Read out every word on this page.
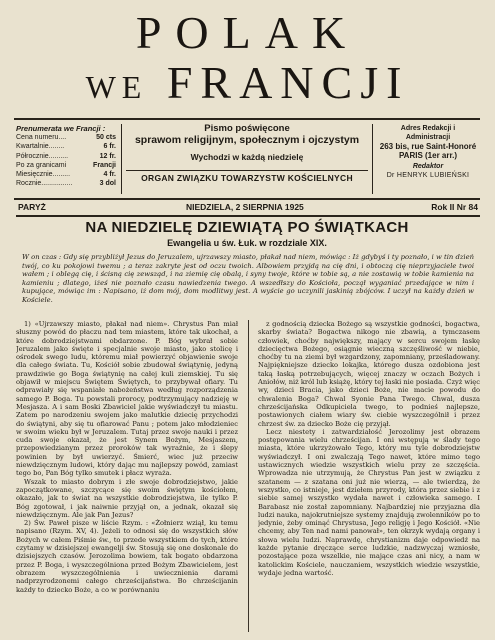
POLAK
WE FRANCJI
Prenumerata we Francji :
Cena numeru....	50 cts
Kwartalnie........	6 fr.
Półrocznie..........	12 fr.
Po za granicami	Francji
Miesięcznie.........	4 fr.
Rocznie................	3 dol
Pismo poświęcone
sprawom religijnym, społecznym i ojczystym
Wychodzi w każdą niedzielę
ORGAN ZWIĄZKU TOWARZYSTW KOŚCIELNYCH
Adres Redakcji i
Administracji
263 bis, rue Saint-Honoré
PARIS (1er arr.)
Redaktor
Dr HENRYK LUBIEŃSKI
PARYŻ	NIEDZIELA, 2 SIERPNIA 1925	Rok II Nr 84
NA NIEDZIELĘ DZIEWIĄTĄ PO ŚWIĄTKACH
Ewangelia u św. Łuk. w rozdziale XIX.
W on czas : Gdy się przybliżył Jezus do Jeruzalem, ujrzawszy miasto, płakał nad niem, mówiąc : Iż gdybyś i ty poznało, i w tin dzień twój, co ku pokojowi twemu ; a teraz zakryte jest od oczu twoich. Albowiem przyjdą na cię dni, i obtoczą cię nieprzyjaciele twoi wałem ; i oblegą cię, i ścisną cię zewsząd, i na ziemię cię obalą, i syny twoje, które w tobie są, a nie zostawią w tobie kamienia na kamieniu ; dlatego, iżeś nie poznało czasu nawiedzenia twego. A wszedłszy do Kościoła, począł wyganiać przedające w nim i kupujące, mówiąc im : Napisano, iż dom mój, dom modlitwy jest. A wyście go uczynili jaskinią zbójców. I uczył na każdy dzień w Kościele.

1) «Ujrzawszy miasto, płakał nad niem». Chrystus Pan miał słuszny powód do płaczu nad tem miastem, które tak ukochał, a które dobrodziejstwami obdarzone. P. Bóg wybrał sobie Jeruzalem jako święte i specjalnie swoje miasto, jako stolicę i ośrodek swego ludu, któremu miał powierzyć objawienie swoje dla całego świata. Tu, Kościół sobie zbudował świątynię, jedyną prawdziwie go Boga świątynię na całej kuli ziemskiej. Tu się objawił w miejscu Świętem Świętych, to przybywał ofiary. Tu odprawiały się wspaniałe nabożeństwa według rozporządzenia samego P. Boga. Tu powstali prorocy, podtrzymujący nadzieję w Mesjasza. A i sam Boski Zbawiciel jakie wyświadczył tu miastu. Zatem po narodzeniu swojem jako malutkie dziecię przychodzi do świątyni, aby się tu ofiarować Panu ; potem jako młodzieniec w swoim wieku był w Jeruzalem. Tutaj przez swoje nauki i przez cuda swoje okazał, że jest Synem Bożym, Mesjaszem, przepowiedzianym przez proroków tak wyraźnie, że i ślepy powinien by był uwierzyć. Śmierć, wiec już przeciw niewdzięcznym ludowi, który dając mu najlepszy powód, zamiast tego bo, Pan Bóg tylko smutek i płacz wyraża.

Wszak to miasto dobrym i złe swoje dobrodziejstwo, jakie zapoczątkowane, szczycące się swoim świętym kościołem, okazało, jak to świat na wszystkie dobrodziejstwa, ile tylko P. Bóg zgotował, i jak naiwnie przyjął on, a jednak, okazał się niewdzięcznym. Ale jak Pan Jezus?

2) Św. Paweł pisze w liście Rzym. : «Żołnierz wziął, ku temu napisano (Rzym. XV, 4). Jeżeli to odnosi się do wszystkich słów Bożych w całem Piśmie św., to przede wszystkiem do tych, które czytamy w dzisiejszej ewangelji św. Stosują się one doskonale do dzisiejszych czasów. Jerozolima bowiem, tak bogato obdarzona przez P. Boga, i wyszczególniona przed Bożym Zbawicielem, jest obrazem wyszczególnienia i uwiecznienia darami nadprzyrodzonemi całego chrześcijaństwa. Bo chrześcijanin każdy to dziecko Boże, a co w porównaniu

z godnością dziecka Bożego są wszystkie godności, bogactwa, skarby świata? Bogactwa nikogo nie zbawią, a tymczasem człowiek, choćby największy, mający w sercu swojem łaskę dziecięctwa Bożego, osiągnie wieczną szczęśliwość w niebie, choćby tu na ziemi był wzgardzony, zapomniany, prześladowany. Najpiękniejsze dziecko lokajka, którego dusza ozdobiona jest taką łaską potrzebujących, więcej znaczy w oczach Bożych i Aniołów, niż król lub książę, który tej łaski nie posiada. Czyż więc wy, dzieci Bracia, jako dzieci Boże, nie macie powodu do chwalenia Boga? Chwal Syonie Pana Twego. Chwal, dusza chrześcijańska Odkupiciela twego, to podnieś najlepsze, postawionych ciałem wiary św. ciebie wyszczególnił i przez chrzest św. za dziecko Boże cię przyjął.

Lecz niestety i zatwardziałość Jerozolimy jest obrazem postępowania wielu chrześcijan. I oni wstępują w ślady tego miasta, które ukrzyżowało Tego, który mu tyle dobrodziejstw wyświadczył. I oni zwalczają Tego nawet, które mimo tego ustawicznych wiedzie wszystkich wielu przy ze szczęścia. Wprowadza nie utrzymują, że Chrystus Pan jest w związku z szatanem — z szatana oni już nie wierzą, — ale twierdzą, że wszystko, co istnieje, jest dziełem przyrody, która przez siebie i z siebie samej wszystko wydała nawet i człowieka samego. I Barabasz nie został zapomniany. Najbardziej nie przyjazna dla ludzi nauka, najokrutniejsze systemy znajdują zwolenników po to jedynie, żeby ominąć Chrystusa, Jego religję i Jego Kościół. «Nie chcemy, aby Ten nad nami panował», ten okrzyk wydają organy i słowa wielu ludzi. Naprawdę, chrystianizm daje odpowiedź na każde pytanie dręczące serce ludzkie, nadzwyczaj wzniosłe, pozostające poza wszelkie, nie mające czas ani nicy, a nam w katolickim Kościele, nauczaniem, wszystkich wiedzie wszystkie, wydaje jedna wartość.
